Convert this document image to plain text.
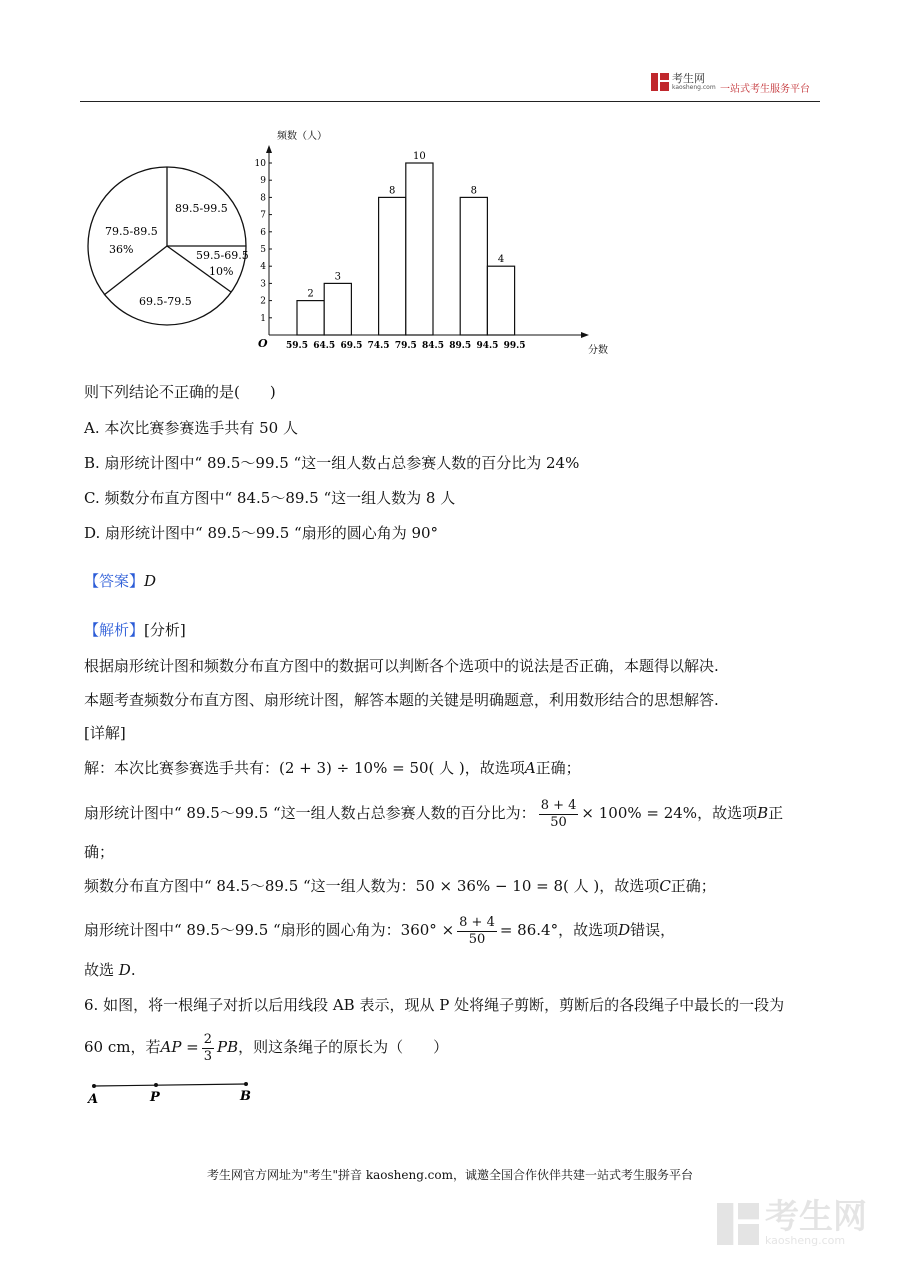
考生网
kaosheng.com 一站式考生服务平台
89.5-99.5
59.5-69.5
10%
69.5-79.5
79.5-89.5
36%
频数（人）
分数
O
1
2
3
4
5
6
7
8
9
10
59.5 64.5 69.5 74.5 79.5 84.5 89.5 94.5 99.5
2
3
8
10
8
4
则下列结论不正确的是(　　)
A. 本次比赛参赛选手共有 50 人
B. 扇形统计图中“ 89.5～99.5 “这一组人数占总参赛人数的百分比为 24%
C. 频数分布直方图中“ 84.5～89.5 “这一组人数为 8 人
D. 扇形统计图中“ 89.5～99.5 “扇形的圆心角为 90°
【答案】D
【解析】[分析]
根据扇形统计图和频数分布直方图中的数据可以判断各个选项中的说法是否正确，本题得以解决.
本题考查频数分布直方图、扇形统计图，解答本题的关键是明确题意，利用数形结合的思想解答.
[详解]
解：本次比赛参赛选手共有：(2 + 3) ÷ 10% = 50( 人 )，故选项A正确；
扇形统计图中“ 89.5～99.5 “这一组人数占总参赛人数的百分比为： $\frac{8 + 4}{50} \times 100\% = 24\%$，故选项B正
确；
频数分布直方图中“ 84.5～89.5 “这一组人数为：50 × 36% − 10 = 8( 人 )，故选项C正确；
扇形统计图中“ 89.5～99.5 “扇形的圆心角为：$360^\circ \times \frac{8 + 4}{50} = 86.4^\circ$，故选项D错误，
故选 D.
6. 如图，将一根绳子对折以后用线段 AB 表示，现从 P 处将绳子剪断，剪断后的各段绳子中最长的一段为
60 cm，若AP = $\frac{2}{3}$ PB，则这条绳子的原长为（　　）
A	P	B
考生网官方网址为"考生"拼音 kaosheng.com，诚邀全国合作伙伴共建一站式考生服务平台
考生网
kaosheng.com
